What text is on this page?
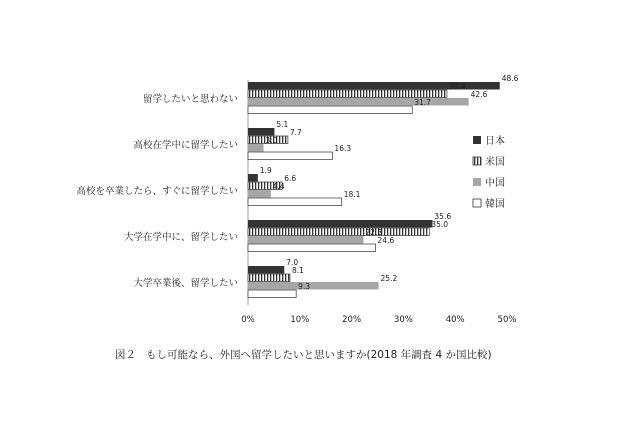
留学したいと思わない
高校在学中に留学したい
高校を卒業したら、すぐに留学したい
大学在学中に、留学したい
大学卒業後、留学したい
48.6
5.1
1.9
35.6
7.0
38.4
7.7
6.6
35.0
8.1
42.6
3.0
4.4
22.3
25.2
31.7
16.3
18.1
24.6
9.3
0%	10%	20%	30%	40%	50%
日本
米国
中国
韓国
図２ もし可能なら、外国へ留学したいと思いますか(2018 年調査 4 か国比較)
